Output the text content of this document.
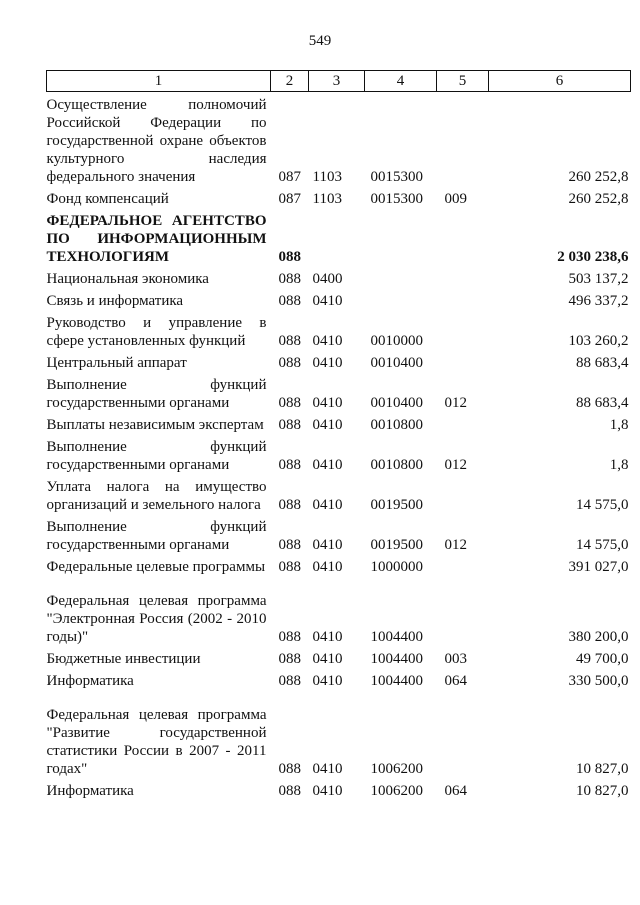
549
1	2	3	4	5	6
Осуществление полномочий Российской Федерации по государственной охране объектов культурного наследия федерального значения	087	1103	0015300		260 252,8
Фонд компенсаций	087	1103	0015300	009	260 252,8
ФЕДЕРАЛЬНОЕ АГЕНТСТВО ПО ИНФОРМАЦИОННЫМ ТЕХНОЛОГИЯМ	088				2 030 238,6
Национальная экономика	088	0400			503 137,2
Связь и информатика	088	0410			496 337,2
Руководство и управление в сфере установленных функций	088	0410	0010000		103 260,2
Центральный аппарат	088	0410	0010400		88 683,4
Выполнение функций государственными органами	088	0410	0010400	012	88 683,4
Выплаты независимым экспертам	088	0410	0010800		1,8
Выполнение функций государственными органами	088	0410	0010800	012	1,8
Уплата налога на имущество организаций и земельного налога	088	0410	0019500		14 575,0
Выполнение функций государственными органами	088	0410	0019500	012	14 575,0
Федеральные целевые программы	088	0410	1000000		391 027,0
Федеральная целевая программа "Электронная Россия (2002 - 2010 годы)"	088	0410	1004400		380 200,0
Бюджетные инвестиции	088	0410	1004400	003	49 700,0
Информатика	088	0410	1004400	064	330 500,0
Федеральная целевая программа "Развитие государственной статистики России в 2007 - 2011 годах"	088	0410	1006200		10 827,0
Информатика	088	0410	1006200	064	10 827,0
